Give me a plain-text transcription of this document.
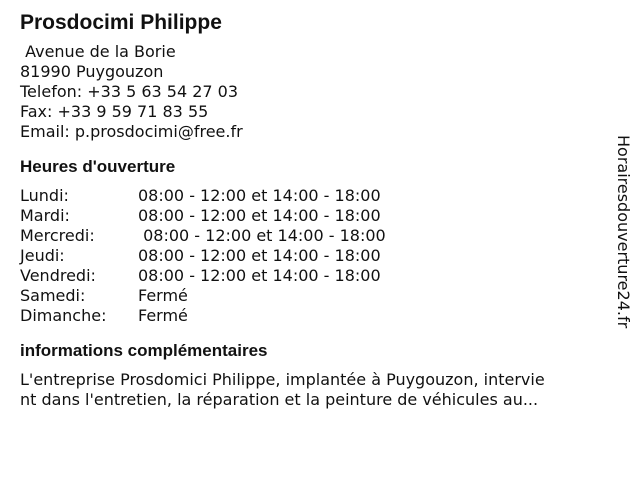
Prosdocimi Philippe
Avenue de la Borie
81990 Puygouzon
Telefon: +33 5 63 54 27 03
Fax: +33 9 59 71 83 55
Email: p.prosdocimi@free.fr
Heures d'ouverture
Lundi:	08:00 - 12:00 et 14:00 - 18:00
Mardi:	08:00 - 12:00 et 14:00 - 18:00
Mercredi:	08:00 - 12:00 et 14:00 - 18:00
Jeudi:	08:00 - 12:00 et 14:00 - 18:00
Vendredi:	08:00 - 12:00 et 14:00 - 18:00
Samedi:	Fermé
Dimanche:	Fermé
informations complémentaires
L'entreprise Prosdomici Philippe, implantée à Puygouzon, intervie
nt dans l'entretien, la réparation et la peinture de véhicules au...
Horairesdouverture24.fr
